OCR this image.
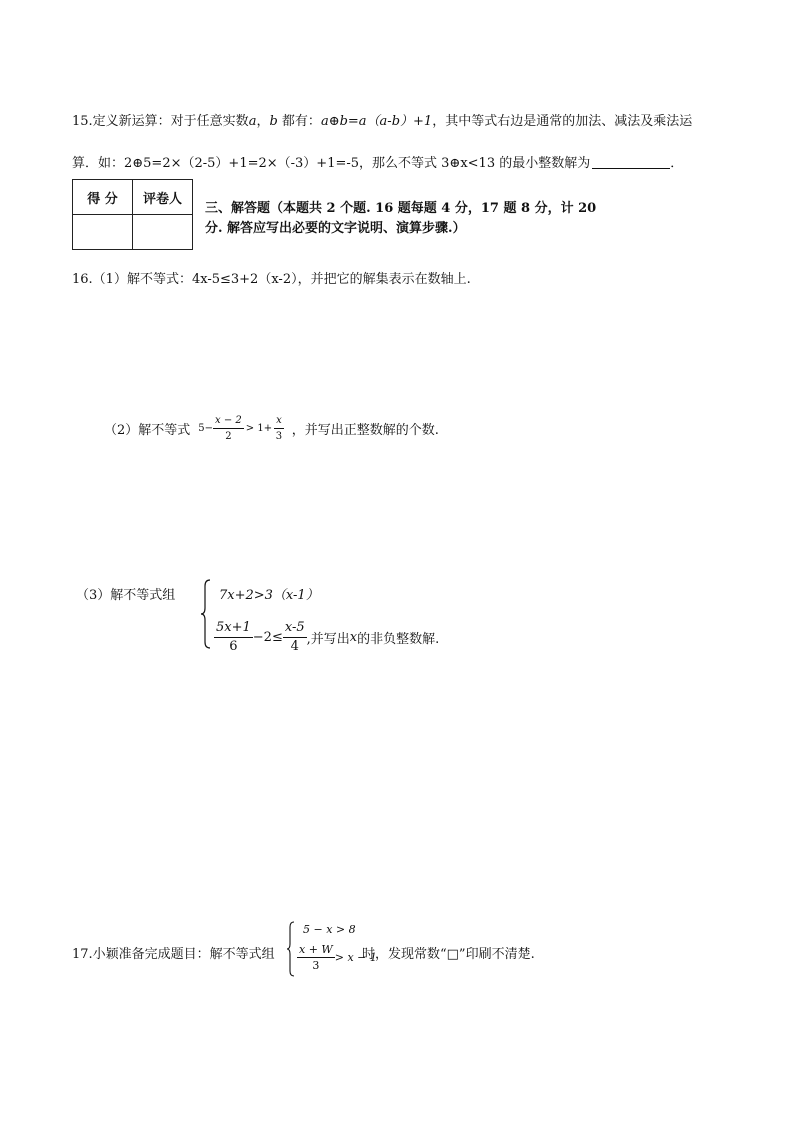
15.定义新运算：对于任意实数a，b 都有：a⊕b=a（a-b）+1，其中等式右边是通常的加法、减法及乘法运
算．如：2⊕5=2×（2-5）+1=2×（-3）+1=-5，那么不等式 3⊕x<13 的最小整数解为	．
得 分	评卷人

三、解答题（本题共 2 个题. 16 题每题 4 分，17 题 8 分，计 20
分. 解答应写出必要的文字说明、演算步骤.）
16.（1）解不等式：4x-5≤3+2（x-2），并把它的解集表示在数轴上.
（2）解不等式 $5- \frac{x - 2}{2} > 1+ \frac{x}{3}$ ，并写出正整数解的个数.
（3）解不等式组	7x+2>3（x-1）
$\frac{5x+1}{6} -2\le \frac{x-5}{4}$ ,并写出 x 的非负整数解.
17.小颖准备完成题目：解不等式组
5 − x > 8
$\frac{x + W}{3} > x - 1$
时，发现常数“□”印刷不清楚.
